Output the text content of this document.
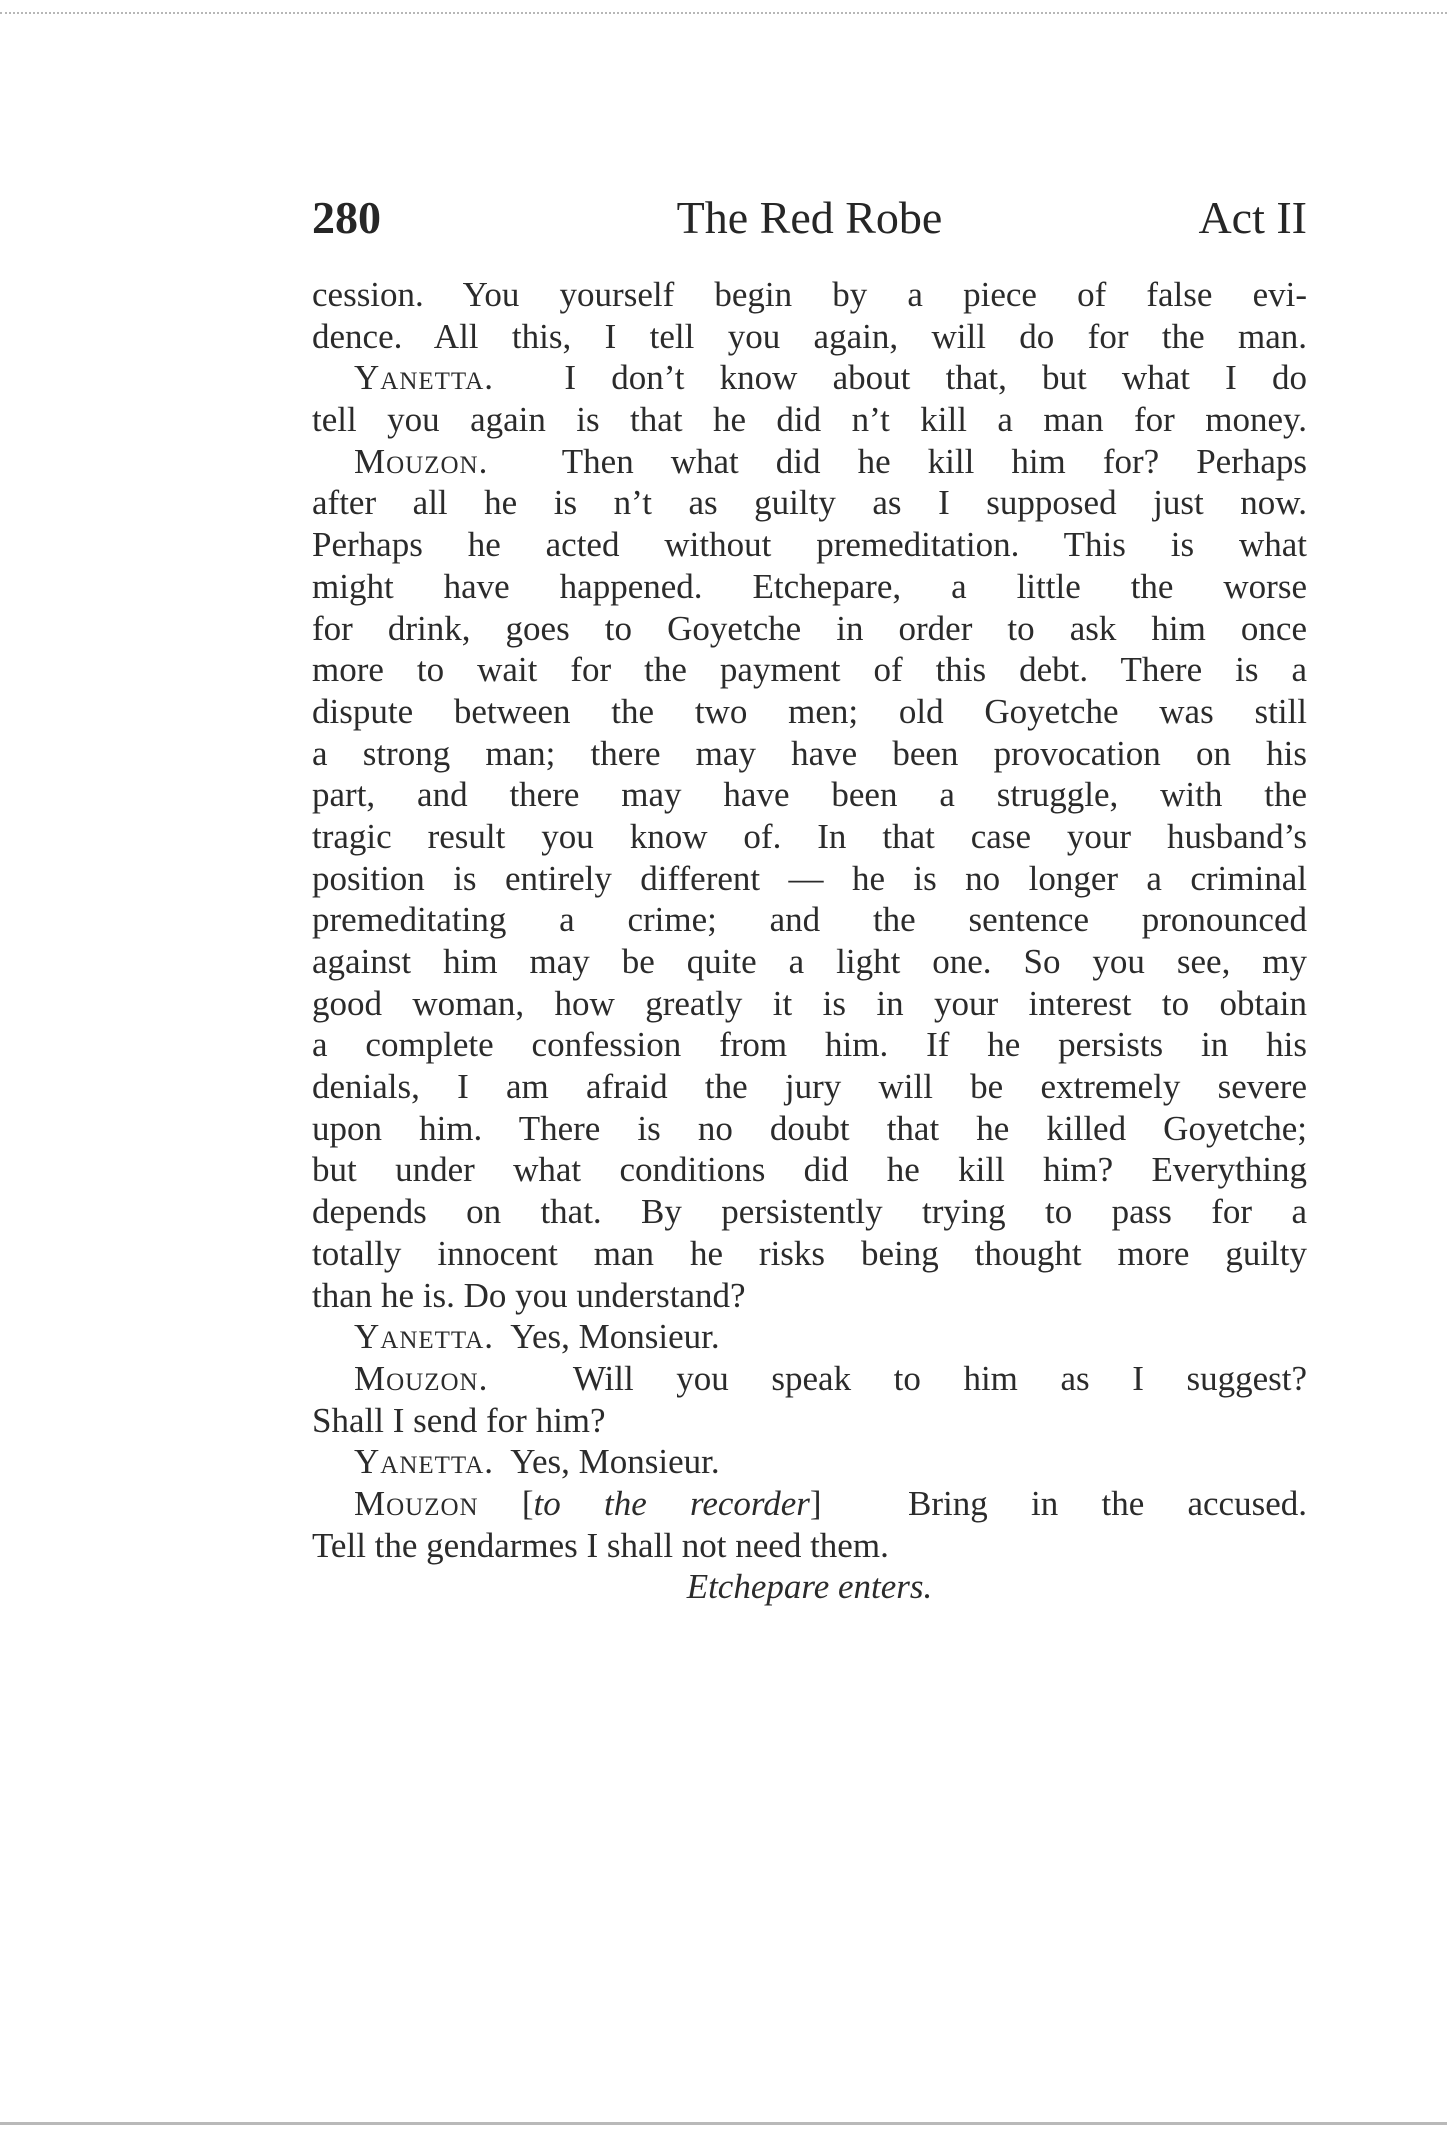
280	The Red Robe	Act II
cession. You yourself begin by a piece of false evi-
dence. All this, I tell you again, will do for the man.
Yanetta. I don’t know about that, but what I do
tell you again is that he did n’t kill a man for money.
Mouzon. Then what did he kill him for? Perhaps
after all he is n’t as guilty as I supposed just now.
Perhaps he acted without premeditation. This is what
might have happened. Etchepare, a little the worse
for drink, goes to Goyetche in order to ask him once
more to wait for the payment of this debt. There is a
dispute between the two men; old Goyetche was still
a strong man; there may have been provocation on his
part, and there may have been a struggle, with the
tragic result you know of. In that case your husband’s
position is entirely different — he is no longer a criminal
premeditating a crime; and the sentence pronounced
against him may be quite a light one. So you see, my
good woman, how greatly it is in your interest to obtain
a complete confession from him. If he persists in his
denials, I am afraid the jury will be extremely severe
upon him. There is no doubt that he killed Goyetche;
but under what conditions did he kill him? Everything
depends on that. By persistently trying to pass for a
totally innocent man he risks being thought more guilty
than he is. Do you understand?
Yanetta. Yes, Monsieur.
Mouzon. Will you speak to him as I suggest?
Shall I send for him?
Yanetta. Yes, Monsieur.
Mouzon [to the recorder]  Bring in the accused.
Tell the gendarmes I shall not need them.
Etchepare enters.
